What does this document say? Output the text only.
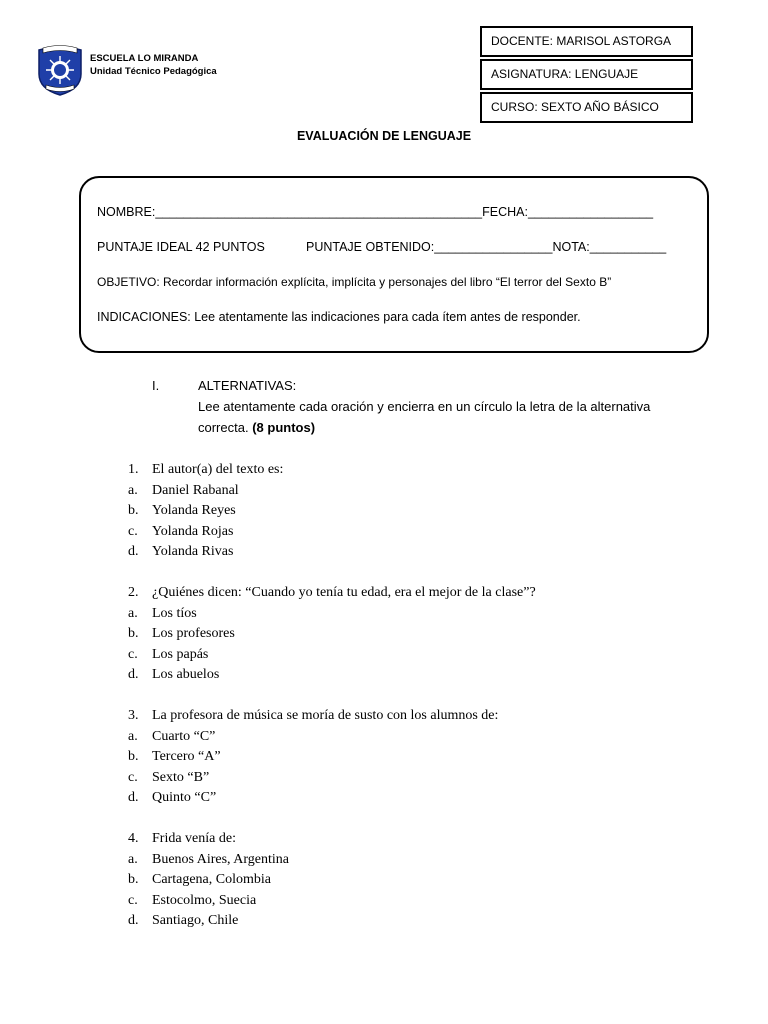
ESCUELA LO MIRANDA
Unidad Técnico Pedagógica
DOCENTE: MARISOL ASTORGA
ASIGNATURA: LENGUAJE
CURSO: SEXTO AÑO BÁSICO
EVALUACIÓN DE LENGUAJE
NOMBRE:_______________________________________________FECHA:__________________
PUNTAJE IDEAL 42 PUNTOS	PUNTAJE OBTENIDO:_________________NOTA:___________
OBJETIVO: Recordar información explícita, implícita y personajes del libro “El terror del Sexto B”
INDICACIONES: Lee atentamente las indicaciones para cada ítem antes de responder.
I.	ALTERNATIVAS:
Lee atentamente cada oración y encierra en un círculo la letra de la alternativa correcta. (8 puntos)
1. El autor(a) del texto es:
a. Daniel Rabanal
b. Yolanda Reyes
c. Yolanda Rojas
d. Yolanda Rivas
2. ¿Quiénes dicen: “Cuando yo tenía tu edad, era el mejor de la clase”?
a. Los tíos
b. Los profesores
c. Los papás
d. Los abuelos
3. La profesora de música se moría de susto con los alumnos de:
a. Cuarto “C”
b. Tercero “A”
c. Sexto “B”
d. Quinto “C”
4. Frida venía de:
a. Buenos Aires, Argentina
b. Cartagena, Colombia
c. Estocolmo, Suecia
d. Santiago, Chile
